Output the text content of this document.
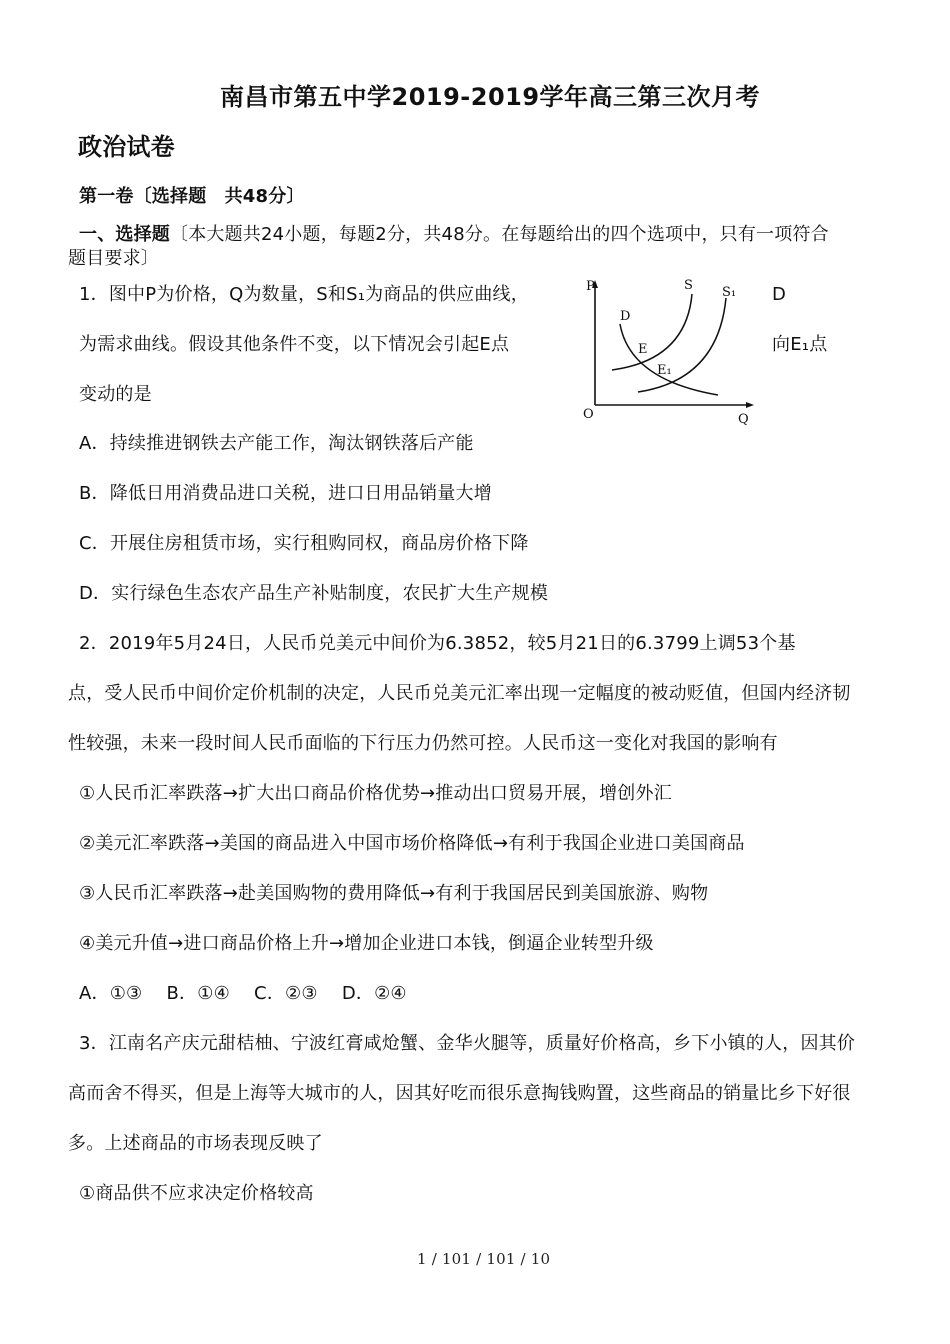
南昌市第五中学2019-2019学年高三第三次月考
政治试卷
第一卷〔选择题　共48分〕
一、选择题〔本大题共24小题，每题2分，共48分。在每题给出的四个选项中，只有一项符合
题目要求〕
1．图中P为价格，Q为数量，S和S₁为商品的供应曲线，	D
为需求曲线。假设其他条件不变，以下情况会引起E点	向E₁点
变动的是
P
O	Q
S S₁
D
E
E₁
A．持续推进钢铁去产能工作，淘汰钢铁落后产能
B．降低日用消费品进口关税，进口日用品销量大增
C．开展住房租赁市场，实行租购同权，商品房价格下降
D．实行绿色生态农产品生产补贴制度，农民扩大生产规模
2．2019年5月24日，人民币兑美元中间价为6.3852，较5月21日的6.3799上调53个基
点，受人民币中间价定价机制的决定，人民币兑美元汇率出现一定幅度的被动贬值，但国内经济韧
性较强，未来一段时间人民币面临的下行压力仍然可控。人民币这一变化对我国的影响有
①人民币汇率跌落→扩大出口商品价格优势→推动出口贸易开展，增创外汇
②美元汇率跌落→美国的商品进入中国市场价格降低→有利于我国企业进口美国商品
③人民币汇率跌落→赴美国购物的费用降低→有利于我国居民到美国旅游、购物
④美元升值→进口商品价格上升→增加企业进口本钱，倒逼企业转型升级
A．①③　 B．①④　 C．②③　 D．②④
3．江南名产庆元甜桔柚、宁波红膏咸炝蟹、金华火腿等，质量好价格高，乡下小镇的人，因其价
高而舍不得买，但是上海等大城市的人，因其好吃而很乐意掏钱购置，这些商品的销量比乡下好很
多。上述商品的市场表现反映了
①商品供不应求决定价格较高
1 / 101 / 101 / 10
